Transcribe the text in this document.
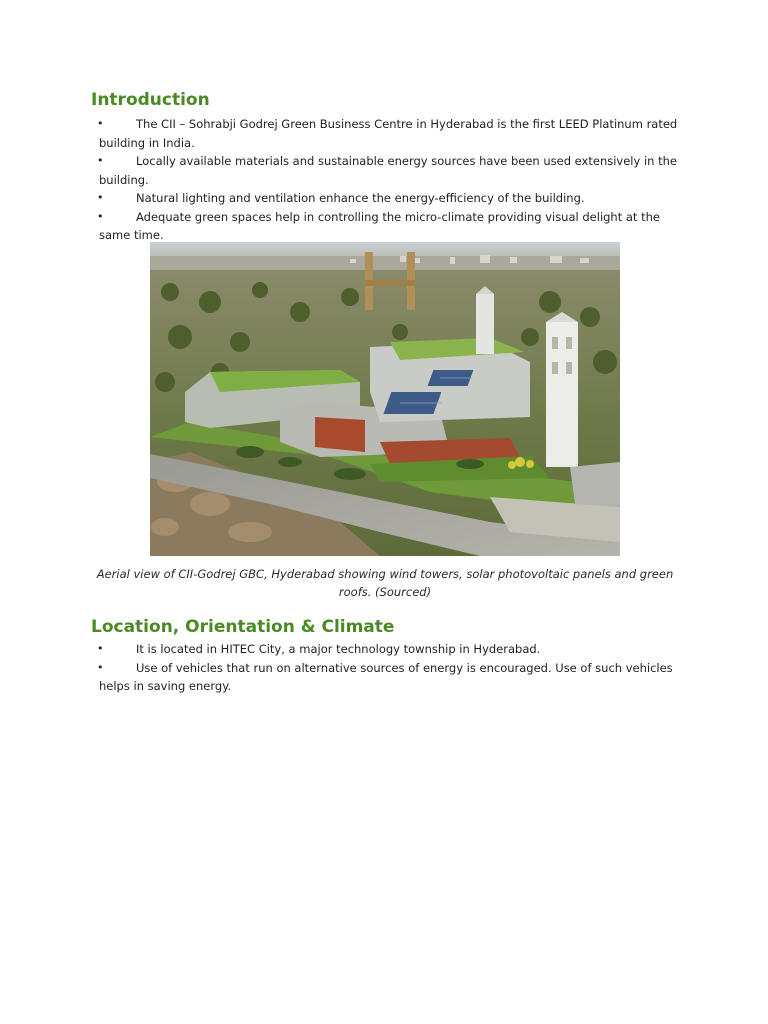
Introduction
•	The CII – Sohrabji Godrej Green Business Centre in Hyderabad is the first LEED Platinum rated building in India.
•	Locally available materials and sustainable energy sources have been used extensively in the building.
•	Natural lighting and ventilation enhance the energy-efficiency of the building.
•	Adequate green spaces help in controlling the micro-climate providing visual delight at the same time.

Aerial view of CII-Godrej GBC, Hyderabad showing wind towers, solar photovoltaic panels and green roofs. (Sourced)

Location, Orientation & Climate
•	It is located in HITEC City, a major technology township in Hyderabad.
•	Use of vehicles that run on alternative sources of energy is encouraged. Use of such vehicles helps in saving energy.
